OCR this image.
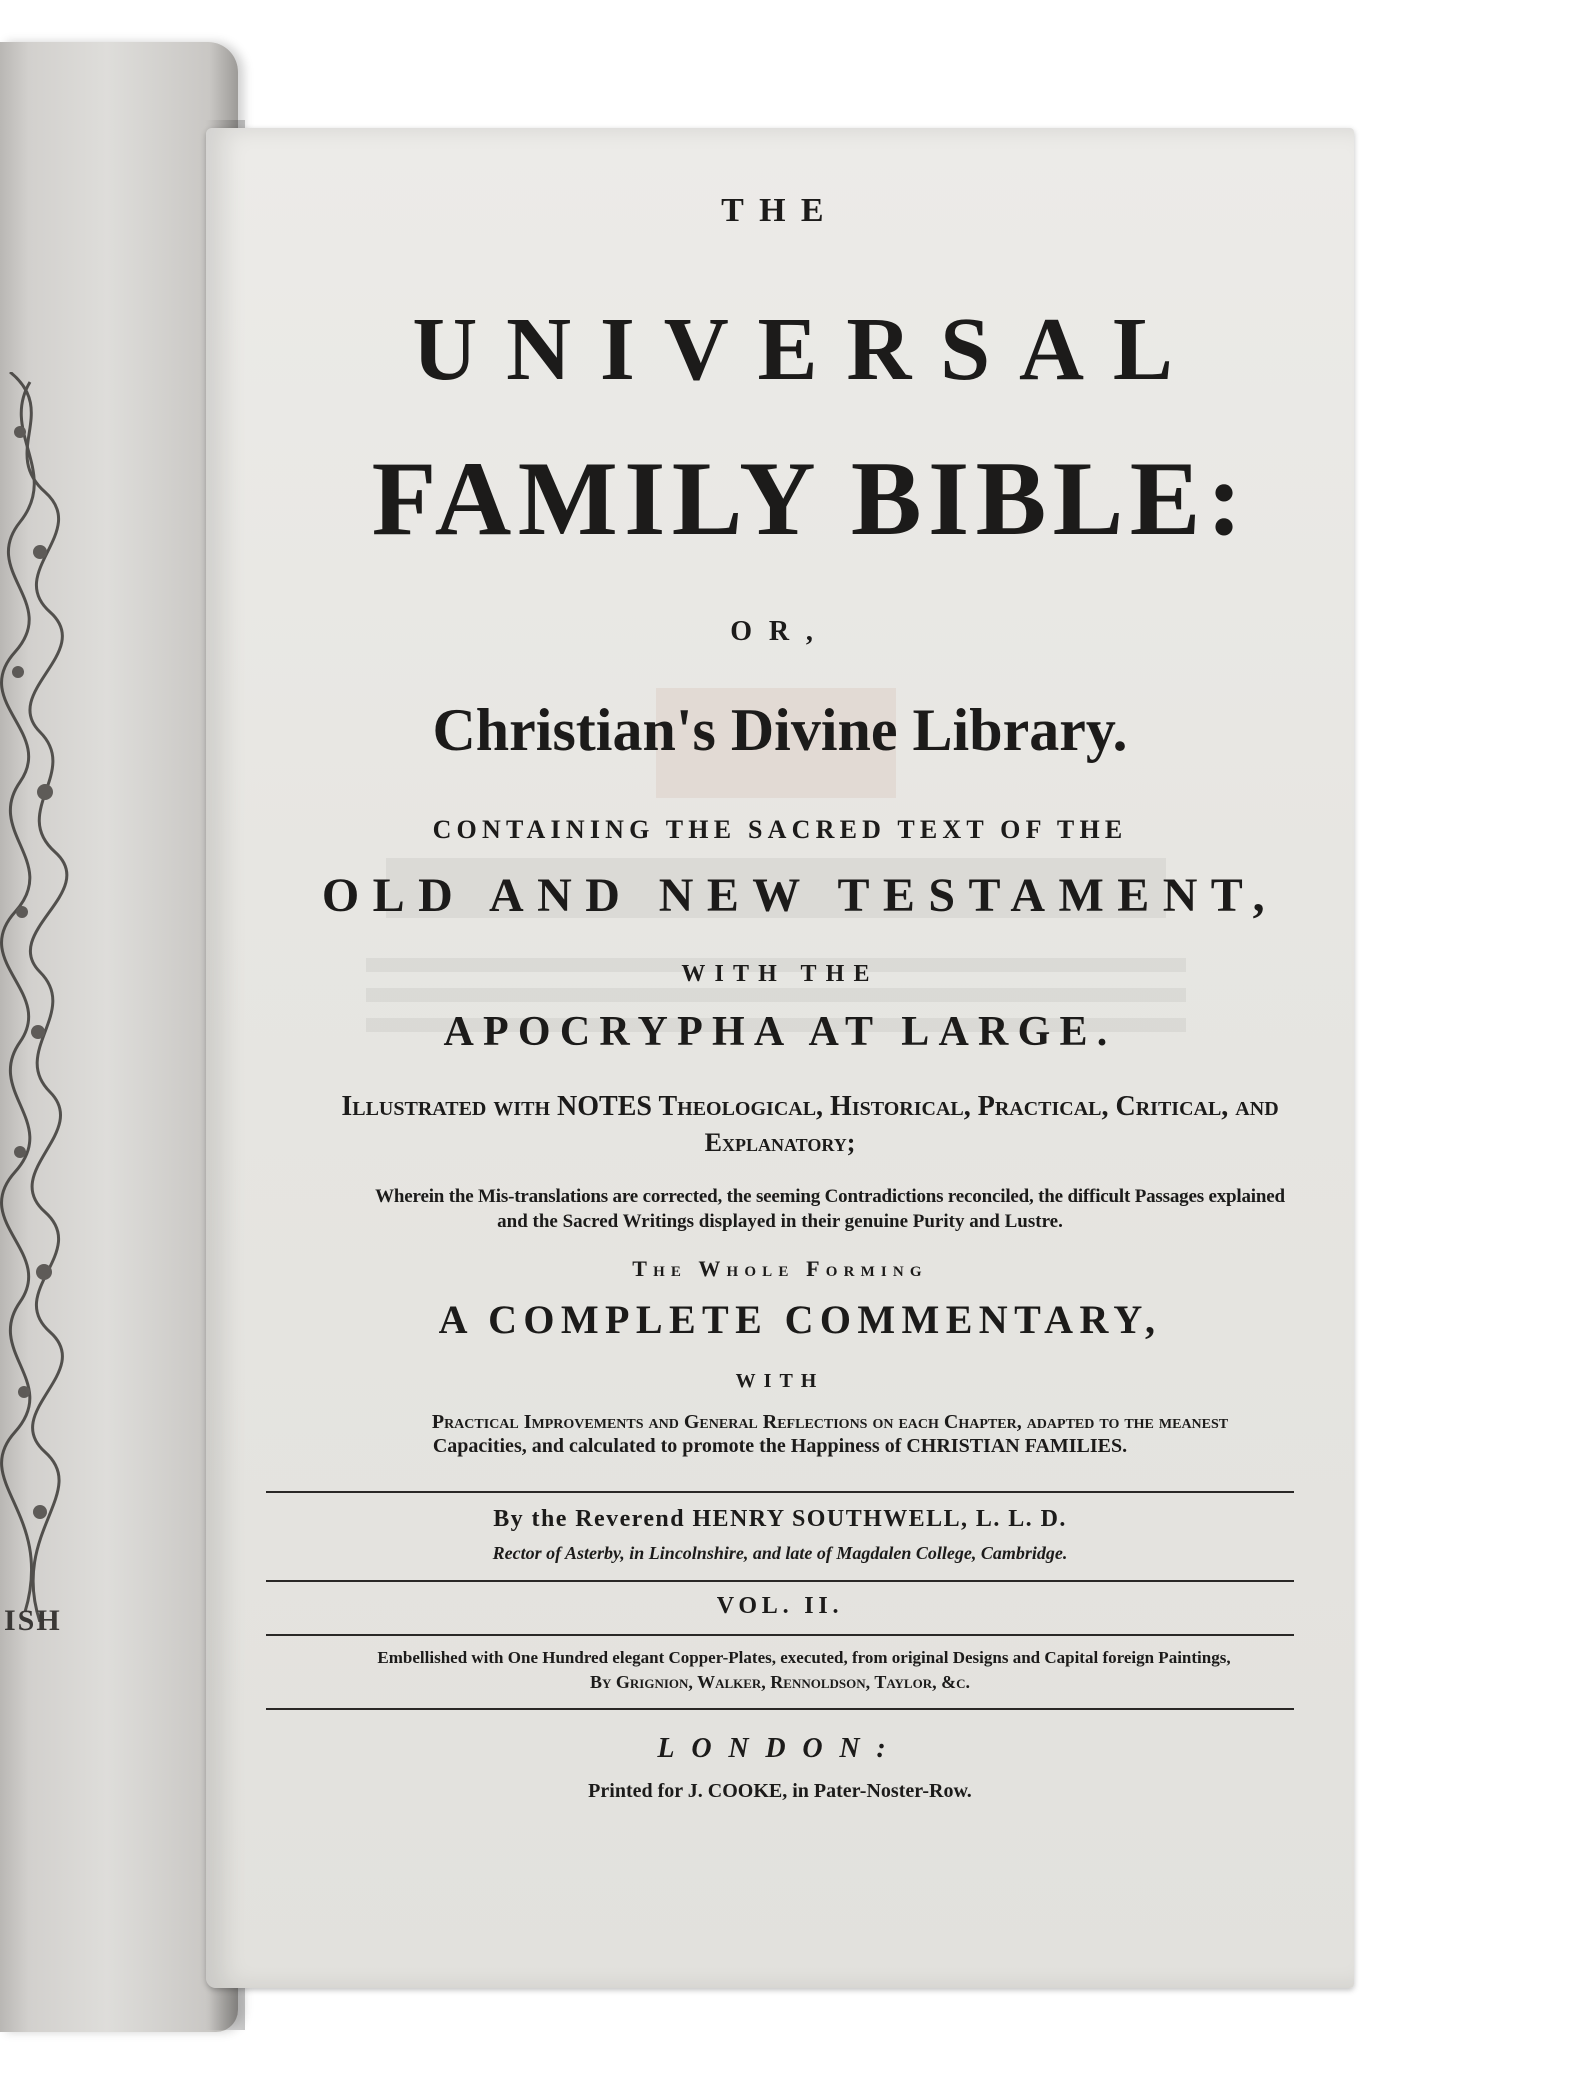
ISH
THE
UNIVERSAL
FAMILY BIBLE:
OR,
Christian's Divine Library.
CONTAINING THE SACRED TEXT OF THE
OLD AND NEW TESTAMENT,
WITH THE
APOCRYPHA AT LARGE.
Illustrated with NOTES Theological, Historical, Practical, Critical, and
Explanatory;
Wherein the Mis-translations are corrected, the seeming Contradictions reconciled, the difficult Passages explained
and the Sacred Writings displayed in their genuine Purity and Lustre.
The Whole Forming
A COMPLETE COMMENTARY,
WITH
Practical Improvements and General Reflections on each Chapter, adapted to the meanest
Capacities, and calculated to promote the Happiness of CHRISTIAN FAMILIES.
By the Reverend HENRY SOUTHWELL, L. L. D.
Rector of Asterby, in Lincolnshire, and late of Magdalen College, Cambridge.
VOL. II.
Embellished with One Hundred elegant Copper-Plates, executed, from original Designs and Capital foreign Paintings,
By Grignion, Walker, Rennoldson, Taylor, &c.
LONDON:
Printed for J. COOKE, in Pater-Noster-Row.
